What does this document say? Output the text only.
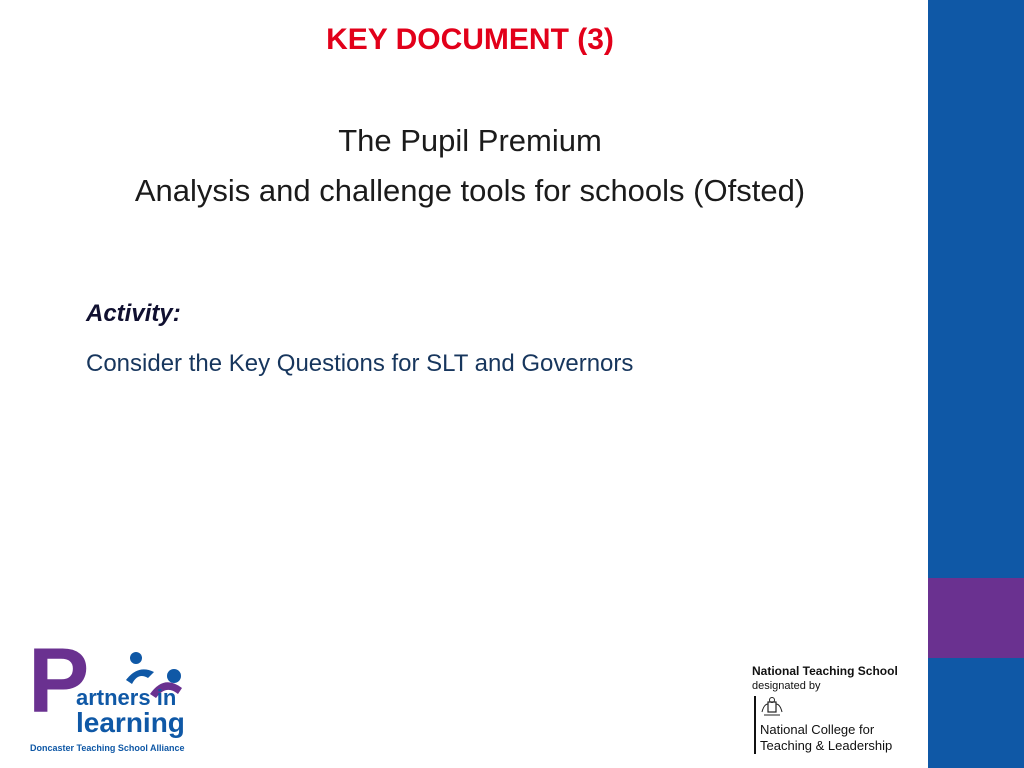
KEY DOCUMENT (3)
The Pupil Premium
Analysis and challenge tools for schools (Ofsted)
Activity:
Consider the Key Questions for SLT and Governors
P
artners in
learning
Doncaster Teaching School Alliance
National Teaching School
designated by
National College for
Teaching & Leadership
